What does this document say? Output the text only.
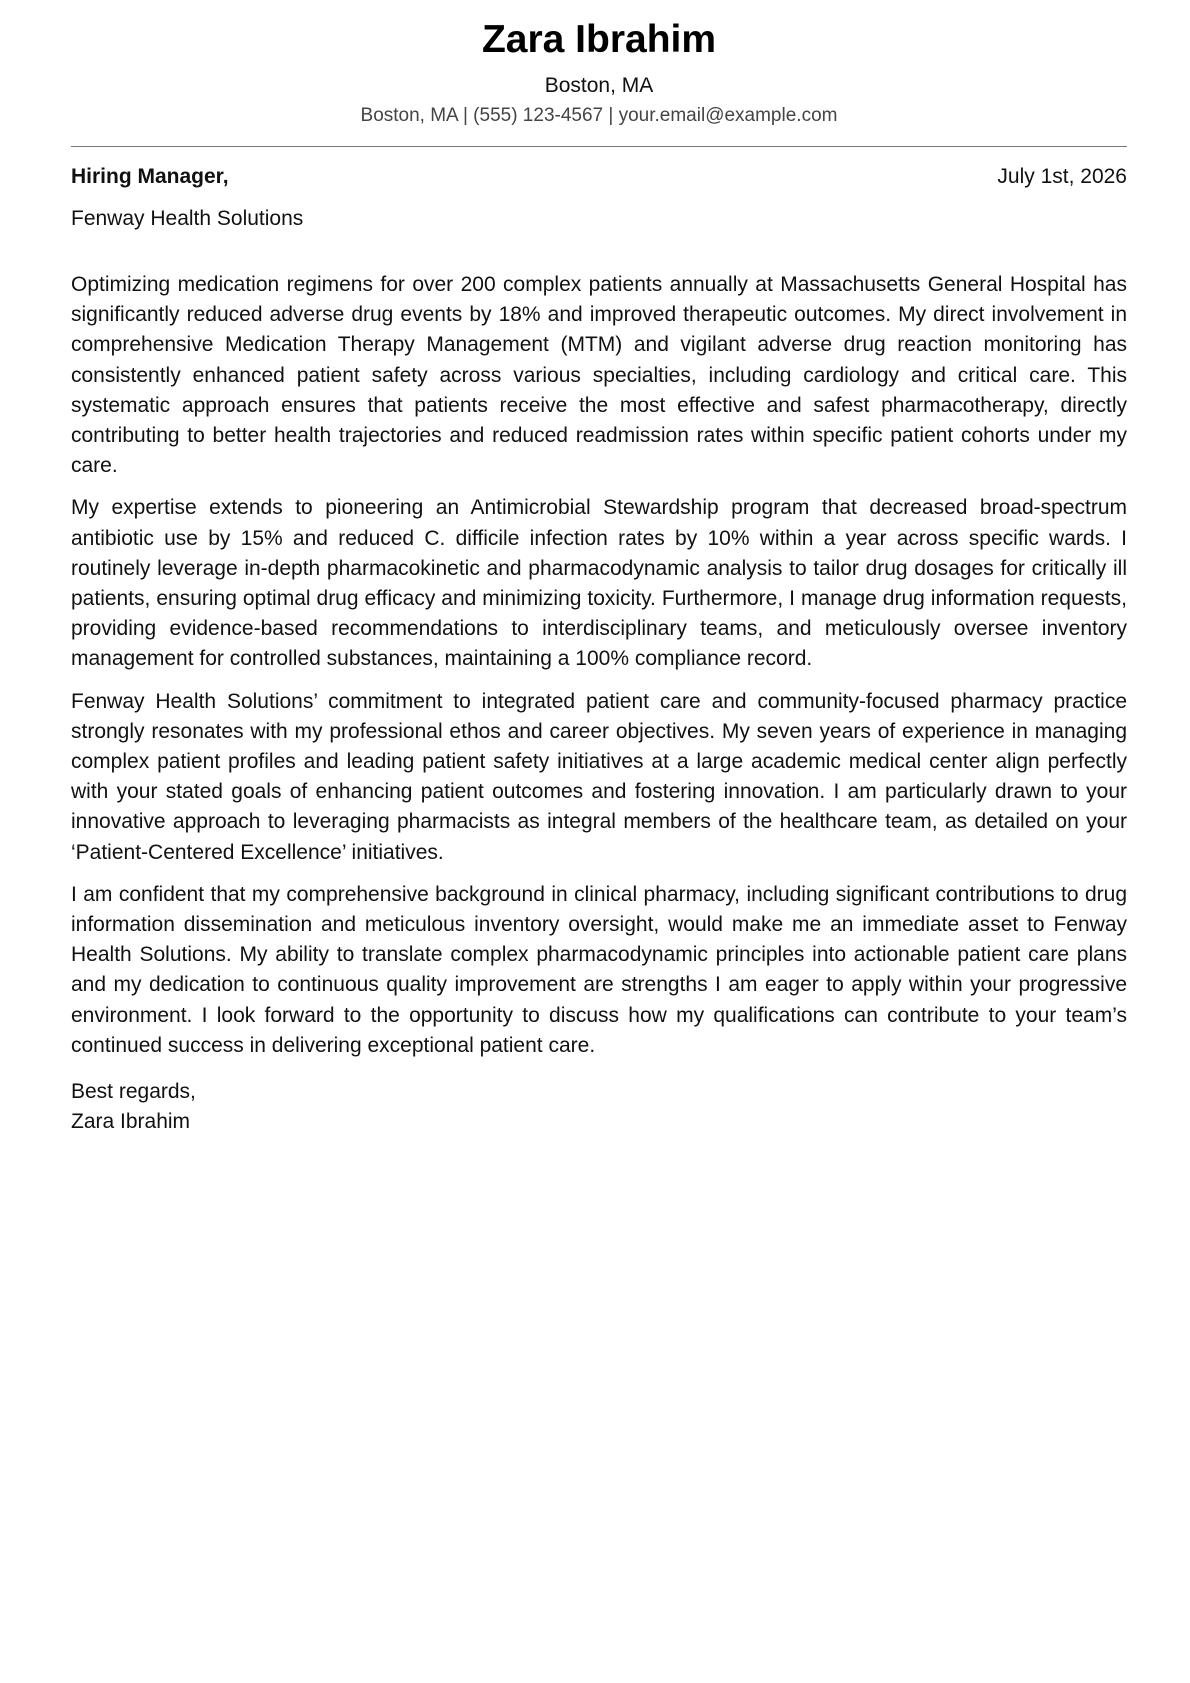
Zara Ibrahim
Boston, MA
Boston, MA | (555) 123-4567 | your.email@example.com
Hiring Manager,	July 1st, 2026
Fenway Health Solutions

Optimizing medication regimens for over 200 complex patients annually at Massachusetts General Hospital has significantly reduced adverse drug events by 18% and improved therapeutic outcomes. My direct involvement in comprehensive Medication Therapy Management (MTM) and vigilant adverse drug reaction monitoring has consistently enhanced patient safety across various specialties, including cardiology and critical care. This systematic approach ensures that patients receive the most effective and safest pharmacotherapy, directly contributing to better health trajectories and reduced readmission rates within specific patient cohorts under my care.

My expertise extends to pioneering an Antimicrobial Stewardship program that decreased broad-spectrum antibiotic use by 15% and reduced C. difficile infection rates by 10% within a year across specific wards. I routinely leverage in-depth pharmacokinetic and pharmacodynamic analysis to tailor drug dosages for critically ill patients, ensuring optimal drug efficacy and minimizing toxicity. Furthermore, I manage drug information requests, providing evidence-based recommendations to interdisciplinary teams, and meticulously oversee inventory management for controlled substances, maintaining a 100% compliance record.

Fenway Health Solutions’ commitment to integrated patient care and community-focused pharmacy practice strongly resonates with my professional ethos and career objectives. My seven years of experience in managing complex patient profiles and leading patient safety initiatives at a large academic medical center align perfectly with your stated goals of enhancing patient outcomes and fostering innovation. I am particularly drawn to your innovative approach to leveraging pharmacists as integral members of the healthcare team, as detailed on your ‘Patient-Centered Excellence’ initiatives.

I am confident that my comprehensive background in clinical pharmacy, including significant contributions to drug information dissemination and meticulous inventory oversight, would make me an immediate asset to Fenway Health Solutions. My ability to translate complex pharmacodynamic principles into actionable patient care plans and my dedication to continuous quality improvement are strengths I am eager to apply within your progressive environment. I look forward to the opportunity to discuss how my qualifications can contribute to your team’s continued success in delivering exceptional patient care.

Best regards,
Zara Ibrahim
